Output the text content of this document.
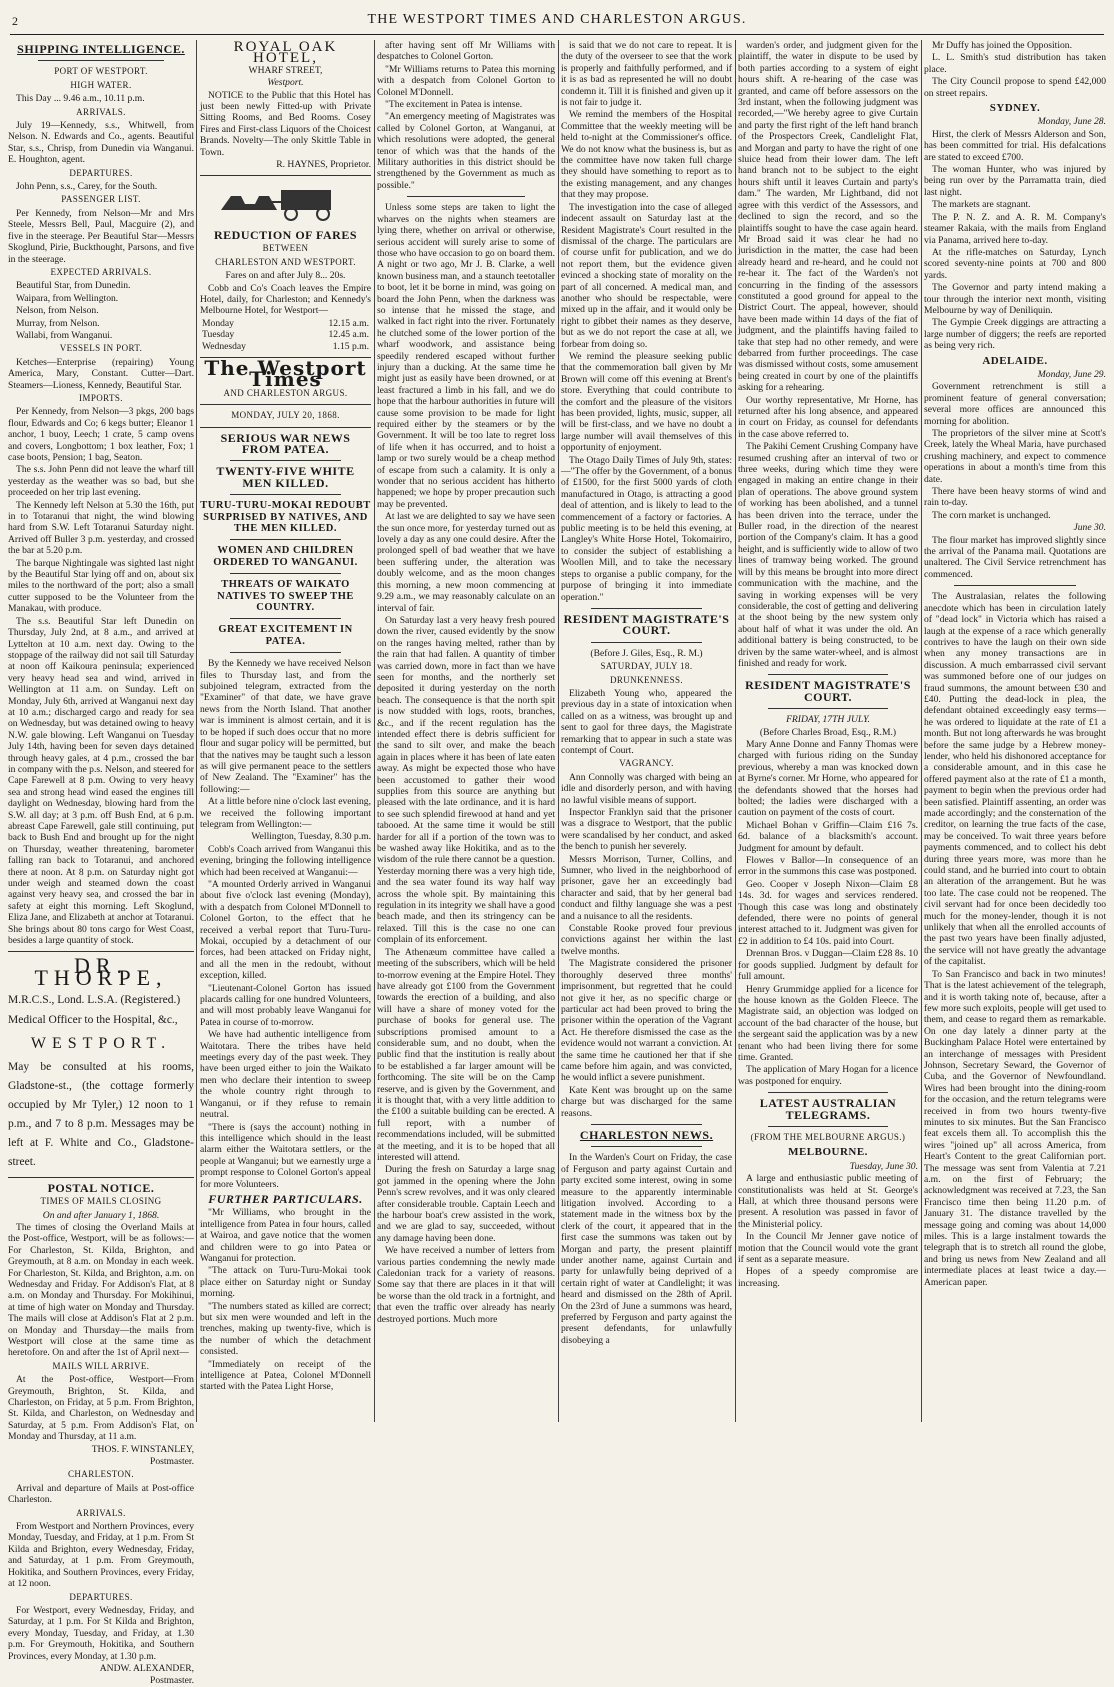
2	THE WESTPORT TIMES AND CHARLESTON ARGUS.
SHIPPING INTELLIGENCE.
PORT OF WESTPORT.
HIGH WATER.

This Day ... 9.46 a.m., 10.11 p.m.

ARRIVALS.

July 19—Kennedy, s.s., Whitwell, from Nelson. N. Edwards and Co., agents. Beautiful Star, s.s., Chrisp, from Dunedin via Wanganui. E. Houghton, agent.

DEPARTURES.

John Penn, s.s., Carey, for the South.

PASSENGER LIST.

Per Kennedy, from Nelson—Mr and Mrs Steele, Messrs Bell, Paul, Macguire (2), and five in the steerage. Per Beautiful Star—Messrs Skoglund, Pirie, Buckthought, Parsons, and five in the steerage.

EXPECTED ARRIVALS.

Beautiful Star, from Dunedin.

Waipara, from Wellington.

Nelson, from Nelson.

Murray, from Nelson.

Wallabi, from Wanganui.

VESSELS IN PORT.

Ketches—Enterprise (repairing) Young America, Mary, Constant. Cutter—Dart. Steamers—Lioness, Kennedy, Beautiful Star.

IMPORTS.

Per Kennedy, from Nelson—3 pkgs, 200 bags flour, Edwards and Co; 6 kegs butter; Eleanor 1 anchor, 1 buoy, Leech; 1 crate, 5 camp ovens and covers, Longbottom; 1 box leather, Fox; 1 case boots, Pension; 1 bag, Seaton.

The s.s. John Penn did not leave the wharf till yesterday as the weather was so bad, but she proceeded on her trip last evening.

The Kennedy left Nelson at 5.30 the 16th, put in to Totaranui that night, the wind blowing hard from S.W. Left Totaranui Saturday night. Arrived off Buller 3 p.m. yesterday, and crossed the bar at 5.20 p.m.

The barque Nightingale was sighted last night by the Beautiful Star lying off and on, about six miles to the northward of the port; also a small cutter supposed to be the Volunteer from the Manakau, with produce.

The s.s. Beautiful Star left Dunedin on Thursday, July 2nd, at 8 a.m., and arrived at Lyttelton at 10 a.m. next day. Owing to the stoppage of the railway did not sail till Saturday at noon off Kaikoura peninsula; experienced very heavy head sea and wind, arrived in Wellington at 11 a.m. on Sunday. Left on Monday, July 6th, arrived at Wanganui next day at 10 a.m.; discharged cargo and ready for sea on Wednesday, but was detained owing to heavy N.W. gale blowing. Left Wanganui on Tuesday July 14th, having been for seven days detained through heavy gales, at 4 p.m., crossed the bar in company with the p.s. Nelson, and steered for Cape Farewell at 8 p.m. Owing to very heavy sea and strong head wind eased the engines till daylight on Wednesday, blowing hard from the S.W. all day; at 3 p.m. off Bush End, at 6 p.m. abreast Cape Farewell, gale still continuing, put back to Bush End and brought up for the night on Thursday, weather threatening, barometer falling ran back to Totaranui, and anchored there at noon. At 8 p.m. on Saturday night got under weigh and steamed down the coast against very heavy sea, and crossed the bar in safety at eight this morning. Left Skoglund, Eliza Jane, and Elizabeth at anchor at Totaranui. She brings about 80 tons cargo for West Coast, besides a large quantity of stock.

DR. THORPE,

M.R.C.S., Lond. L.S.A. (Registered.)

Medical Officer to the Hospital, &c.,

WESTPORT.

May be consulted at his rooms, Gladstone-st., (the cottage formerly occupied by Mr Tyler,) 12 noon to 1 p.m., and 7 to 8 p.m. Messages may be left at F. White and Co., Gladstone-street.

POSTAL NOTICE.
TIMES OF MAILS CLOSING

On and after January 1, 1868.

The times of closing the Overland Mails at the Post-office, Westport, will be as follows:—For Charleston, St. Kilda, Brighton, and Greymouth, at 8 a.m. on Monday in each week. For Charleston, St. Kilda, and Brighton, a.m. on Wednesday and Friday. For Addison's Flat, at 8 a.m. on Monday and Thursday. For Mokihinui, at time of high water on Monday and Thursday. The mails will close at Addison's Flat at 2 p.m. on Monday and Thursday—the mails from Westport will close at the same time as heretofore. On and after the 1st of April next—

MAILS WILL ARRIVE.

At the Post-office, Westport—From Greymouth, Brighton, St. Kilda, and Charleston, on Friday, at 5 p.m. From Brighton, St. Kilda, and Charleston, on Wednesday and Saturday, at 5 p.m. From Addison's Flat, on Monday and Thursday, at 11 a.m.

THOS. F. WINSTANLEY,

Postmaster.

CHARLESTON.

Arrival and departure of Mails at Post-office Charleston.

ARRIVALS.

From Westport and Northern Provinces, every Monday, Tuesday, and Friday, at 1 p.m. From St Kilda and Brighton, every Wednesday, Friday, and Saturday, at 1 p.m. From Greymouth, Hokitika, and Southern Provinces, every Friday, at 12 noon.

DEPARTURES.

For Westport, every Wednesday, Friday, and Saturday, at 1 p.m. For St Kilda and Brighton, every Monday, Tuesday, and Friday, at 1.30 p.m. For Greymouth, Hokitika, and Southern Provinces, every Monday, at 1.30 p.m.

ANDW. ALEXANDER,

Postmaster.

ROYAL OAK HOTEL,

WHARF STREET,

Westport.

NOTICE to the Public that this Hotel has just been newly Fitted-up with Private Sitting Rooms, and Bed Rooms. Cosey Fires and First-class Liquors of the Choicest Brands. Novelty—The only Skittle Table in Town.

R. HAYNES, Proprietor.

REDUCTION OF FARES
BETWEEN
CHARLESTON AND WESTPORT.

Fares on and after July 8... 20s.

Cobb and Co's Coach leaves the Empire Hotel, daily, for Charleston; and Kennedy's Melbourne Hotel, for Westport—

Monday	12.15 a.m.
Tuesday	12.45 a.m.
Wednesday	1.15 p.m.
The Westport Times
AND CHARLESTON ARGUS.
MONDAY, JULY 20, 1868.
SERIOUS WAR NEWS FROM PATEA.
TWENTY-FIVE WHITE MEN KILLED.
TURU-TURU-MOKAI REDOUBT SURPRISED BY NATIVES, AND THE MEN KILLED.
WOMEN AND CHILDREN ORDERED TO WANGANUI.
THREATS OF WAIKATO NATIVES TO SWEEP THE COUNTRY.
GREAT EXCITEMENT IN PATEA.

By the Kennedy we have received Nelson files to Thursday last, and from the subjoined telegram, extracted from the "Examiner" of that date, we have grave news from the North Island. That another war is imminent is almost certain, and it is to be hoped if such does occur that no more flour and sugar policy will be permitted, but that the natives may be taught such a lesson as will give permanent peace to the settlers of New Zealand. The "Examiner" has the following:—

At a little before nine o'clock last evening, we received the following important telegram from Wellington:—

Wellington, Tuesday, 8.30 p.m.

Cobb's Coach arrived from Wanganui this evening, bringing the following intelligence which had been received at Wanganui:—

"A mounted Orderly arrived in Wanganui about five o'clock last evening (Monday), with a despatch from Colonel M'Donnell to Colonel Gorton, to the effect that he received a verbal report that Turu-Turu-Mokai, occupied by a detachment of our forces, had been attacked on Friday night, and all the men in the redoubt, without exception, killed.

"Lieutenant-Colonel Gorton has issued placards calling for one hundred Volunteers, and will most probably leave Wanganui for Patea in course of to-morrow.

We have had authentic intelligence from Waitotara. There the tribes have held meetings every day of the past week. They have been urged either to join the Waikato men who declare their intention to sweep the whole country right through to Wanganui, or if they refuse to remain neutral.

"There is (says the account) nothing in this intelligence which should in the least alarm either the Waitotara settlers, or the people at Wanganui; but we earnestly urge a prompt response to Colonel Gorton's appeal for more Volunteers.

FURTHER PARTICULARS.

"Mr Williams, who brought in the intelligence from Patea in four hours, called at Wairoa, and gave notice that the women and children were to go into Patea or Wanganui for protection.

"The attack on Turu-Turu-Mokai took place either on Saturday night or Sunday morning.

"The numbers stated as killed are correct; but six men were wounded and left in the trenches, making up twenty-five, which is the number of which the detachment consisted.

"Immediately on receipt of the intelligence at Patea, Colonel M'Donnell started with the Patea Light Horse,

after having sent off Mr Williams with despatches to Colonel Gorton.

"Mr Williams returns to Patea this morning with a despatch from Colonel Gorton to Colonel M'Donnell.

"The excitement in Patea is intense.

"An emergency meeting of Magistrates was called by Colonel Gorton, at Wanganui, at which resolutions were adopted, the general tenor of which was that the hands of the Military authorities in this district should be strengthened by the Government as much as possible."

Unless some steps are taken to light the wharves on the nights when steamers are lying there, whether on arrival or otherwise, serious accident will surely arise to some of those who have occasion to go on board them. A night or two ago, Mr J. B. Clarke, a well known business man, and a staunch teetotaller to boot, let it be borne in mind, was going on board the John Penn, when the darkness was so intense that he missed the stage, and walked in fact right into the river. Fortunately he clutched some of the lower portion of the wharf woodwork, and assistance being speedily rendered escaped without further injury than a ducking. At the same time he might just as easily have been drowned, or at least fractured a limb in his fall, and we do hope that the harbour authorities in future will cause some provision to be made for light required either by the steamers or by the Government. It will be too late to regret loss of life when it has occurred, and to hoist a lamp or two surely would be a cheap method of escape from such a calamity. It is only a wonder that no serious accident has hitherto happened; we hope by proper precaution such may be prevented.

At last we are delighted to say we have seen the sun once more, for yesterday turned out as lovely a day as any one could desire. After the prolonged spell of bad weather that we have been suffering under, the alteration was doubly welcome, and as the moon changes this morning, a new moon commencing at 9.29 a.m., we may reasonably calculate on an interval of fair.

On Saturday last a very heavy fresh poured down the river, caused evidently by the snow on the ranges having melted, rather than by the rain that had fallen. A quantity of timber was carried down, more in fact than we have seen for months, and the northerly set deposited it during yesterday on the north beach. The consequence is that the north spit is now studded with logs, roots, branches, &c., and if the recent regulation has the intended effect there is debris sufficient for the sand to silt over, and make the beach again in places where it has been of late eaten away. As might be expected those who have been accustomed to gather their wood supplies from this source are anything but pleased with the late ordinance, and it is hard to see such splendid firewood at hand and yet tabooed. At the same time it would be still harder for all if a portion of the town was to be washed away like Hokitika, and as to the wisdom of the rule there cannot be a question. Yesterday morning there was a very high tide, and the sea water found its way half way across the whole spit. By maintaining this regulation in its integrity we shall have a good beach made, and then its stringency can be relaxed. Till this is the case no one can complain of its enforcement.

The Athenæum committee have called a meeting of the subscribers, which will be held to-morrow evening at the Empire Hotel. They have already got £100 from the Government towards the erection of a building, and also will have a share of money voted for the purchase of books for general use. The subscriptions promised amount to a considerable sum, and no doubt, when the public find that the institution is really about to be established a far larger amount will be forthcoming. The site will be on the Camp reserve, and is given by the Government, and it is thought that, with a very little addition to the £100 a suitable building can be erected. A full report, with a number of recommendations included, will be submitted at the meeting, and it is to be hoped that all interested will attend.

During the fresh on Saturday a large snag got jammed in the opening where the John Penn's screw revolves, and it was only cleared after considerable trouble. Captain Leech and the harbour boat's crew assisted in the work, and we are glad to say, succeeded, without any damage having been done.

We have received a number of letters from various parties condemning the newly made Caledonian track for a variety of reasons. Some say that there are places in it that will be worse than the old track in a fortnight, and that even the traffic over already has nearly destroyed portions. Much more

is said that we do not care to repeat. It is the duty of the overseer to see that the work is properly and faithfully performed, and if it is as bad as represented he will no doubt condemn it. Till it is finished and given up it is not fair to judge it.

We remind the members of the Hospital Committee that the weekly meeting will be held to-night at the Commissioner's office. We do not know what the business is, but as the committee have now taken full charge they should have something to report as to the existing management, and any changes that they may propose.

The investigation into the case of alleged indecent assault on Saturday last at the Resident Magistrate's Court resulted in the dismissal of the charge. The particulars are of course unfit for publication, and we do not report them, but the evidence given evinced a shocking state of morality on the part of all concerned. A medical man, and another who should be respectable, were mixed up in the affair, and it would only be right to gibbet their names as they deserve, but as we do not report the case at all, we forbear from doing so.

We remind the pleasure seeking public that the commemoration ball given by Mr Brown will come off this evening at Brent's store. Everything that could contribute to the comfort and the pleasure of the visitors has been provided, lights, music, supper, all will be first-class, and we have no doubt a large number will avail themselves of this opportunity of enjoyment.

The Otago Daily Times of July 9th, states:—"The offer by the Government, of a bonus of £1500, for the first 5000 yards of cloth manufactured in Otago, is attracting a good deal of attention, and is likely to lead to the commencement of a factory or factories. A public meeting is to be held this evening, at Langley's White Horse Hotel, Tokomairiro, to consider the subject of establishing a Woollen Mill, and to take the necessary steps to organise a public company, for the purpose of bringing it into immediate operation."

RESIDENT MAGISTRATE'S COURT.

(Before J. Giles, Esq., R. M.)

SATURDAY, JULY 18.
DRUNKENNESS.

Elizabeth Young who, appeared the previous day in a state of intoxication when called on as a witness, was brought up and sent to gaol for three days, the Magistrate remarking that to appear in such a state was contempt of Court.

VAGRANCY.

Ann Connolly was charged with being an idle and disorderly person, and with having no lawful visible means of support.

Inspector Franklyn said that the prisoner was a disgrace to Westport, that the public were scandalised by her conduct, and asked the bench to punish her severely.

Messrs Morrison, Turner, Collins, and Sumner, who lived in the neighborhood of prisoner, gave her an exceedingly bad character and said, that by her general bad conduct and filthy language she was a pest and a nuisance to all the residents.

Constable Rooke proved four previous convictions against her within the last twelve months.

The Magistrate considered the prisoner thoroughly deserved three months' imprisonment, but regretted that he could not give it her, as no specific charge or particular act had been proved to bring the prisoner within the operation of the Vagrant Act. He therefore dismissed the case as the evidence would not warrant a conviction. At the same time he cautioned her that if she came before him again, and was convicted, he would inflict a severe punishment.

Kate Kent was brought up on the same charge but was discharged for the same reasons.

CHARLESTON NEWS.

In the Warden's Court on Friday, the case of Ferguson and party against Curtain and party excited some interest, owing in some measure to the apparently interminable litigation involved. According to a statement made in the witness box by the clerk of the court, it appeared that in the first case the summons was taken out by Morgan and party, the present plaintiff under another name, against Curtain and party for unlawfully being deprived of a certain right of water at Candlelight; it was heard and dismissed on the 28th of April. On the 23rd of June a summons was heard, preferred by Ferguson and party against the present defendants, for unlawfully disobeying a

warden's order, and judgment given for the plaintiff, the water in dispute to be used by both parties according to a system of eight hours shift. A re-hearing of the case was granted, and came off before assessors on the 3rd instant, when the following judgment was recorded,—"We hereby agree to give Curtain and party the first right of the left hand branch of the Prospectors Creek, Candlelight Flat, and Morgan and party to have the right of one sluice head from their lower dam. The left hand branch not to be subject to the eight hours shift until it leaves Curtain and party's dam." The warden, Mr Lightband, did not agree with this verdict of the Assessors, and declined to sign the record, and so the plaintiffs sought to have the case again heard. Mr Broad said it was clear he had no jurisdiction in the matter, the case had been already heard and re-heard, and he could not re-hear it. The fact of the Warden's not concurring in the finding of the assessors constituted a good ground for appeal to the District Court. The appeal, however, should have been made within 14 days of the fiat of judgment, and the plaintiffs having failed to take that step had no other remedy, and were debarred from further proceedings. The case was dismissed without costs, some amusement being created in court by one of the plaintiffs asking for a rehearing.

Our worthy representative, Mr Horne, has returned after his long absence, and appeared in court on Friday, as counsel for defendants in the case above referred to.

The Pakihi Cement Crushing Company have resumed crushing after an interval of two or three weeks, during which time they were engaged in making an entire change in their plan of operations. The above ground system of working has been abolished, and a tunnel has been driven into the terrace, under the Buller road, in the direction of the nearest portion of the Company's claim. It has a good height, and is sufficiently wide to allow of two lines of tramway being worked. The ground will by this means be brought into more direct communication with the machine, and the saving in working expenses will be very considerable, the cost of getting and delivering at the shoot being by the new system only about half of what it was under the old. An additional battery is being constructed, to be driven by the same water-wheel, and is almost finished and ready for work.

RESIDENT MAGISTRATE'S COURT.

FRIDAY, 17TH JULY.

(Before Charles Broad, Esq., R.M.)

Mary Anne Donne and Fanny Thomas were charged with furious riding on the Sunday previous, whereby a man was knocked down at Byrne's corner. Mr Horne, who appeared for the defendants showed that the horses had bolted; the ladies were discharged with a caution on payment of the costs of court.

Michael Bohan v Griffin—Claim £16 7s. 6d. balance of a blacksmith's account. Judgment for amount by default.

Flowes v Ballor—In consequence of an error in the summons this case was postponed.

Geo. Cooper v Joseph Nixon—Claim £8 14s. 3d. for wages and services rendered. Though this case was long and obstinately defended, there were no points of general interest attached to it. Judgment was given for £2 in addition to £4 10s. paid into Court.

Drennan Bros. v Duggan—Claim £28 8s. 10 for goods supplied. Judgment by default for full amount.

Henry Grummidge applied for a licence for the house known as the Golden Fleece. The Magistrate said, an objection was lodged on account of the bad character of the house, but the sergeant said the application was by a new tenant who had been living there for some time. Granted.

The application of Mary Hogan for a licence was postponed for enquiry.

LATEST AUSTRALIAN TELEGRAMS.
(FROM THE MELBOURNE ARGUS.)
MELBOURNE.

Tuesday, June 30.

A large and enthusiastic public meeting of constitutionalists was held at St. George's Hall, at which three thousand persons were present. A resolution was passed in favor of the Ministerial policy.

In the Council Mr Jenner gave notice of motion that the Council would vote the grant if sent as a separate measure.

Hopes of a speedy compromise are increasing.

Mr Duffy has joined the Opposition.

L. L. Smith's stud distribution has taken place.

The City Council propose to spend £42,000 on street repairs.

SYDNEY.

Monday, June 28.

Hirst, the clerk of Messrs Alderson and Son, has been committed for trial. His defalcations are stated to exceed £700.

The woman Hunter, who was injured by being run over by the Parramatta train, died last night.

The markets are stagnant.

The P. N. Z. and A. R. M. Company's steamer Rakaia, with the mails from England via Panama, arrived here to-day.

At the rifle-matches on Saturday, Lynch scored seventy-nine points at 700 and 800 yards.

The Governor and party intend making a tour through the interior next month, visiting Melbourne by way of Deniliquin.

The Gympie Creek diggings are attracting a large number of diggers; the reefs are reported as being very rich.

ADELAIDE.

Monday, June 29.

Government retrenchment is still a prominent feature of general conversation; several more offices are announced this morning for abolition.

The proprietors of the silver mine at Scott's Creek, lately the Wheal Maria, have purchased crushing machinery, and expect to commence operations in about a month's time from this date.

There have been heavy storms of wind and rain to-day.

The corn market is unchanged.

June 30.

The flour market has improved slightly since the arrival of the Panama mail. Quotations are unaltered. The Civil Service retrenchment has commenced.

The Australasian, relates the following anecdote which has been in circulation lately of "dead lock" in Victoria which has raised a laugh at the expense of a race which generally contrives to have the laugh on their own side when any money transactions are in discussion. A much embarrassed civil servant was summoned before one of our judges on fraud summons, the amount between £30 and £40. Putting the dead-lock in plea, the defendant obtained exceedingly easy terms—he was ordered to liquidate at the rate of £1 a month. But not long afterwards he was brought before the same judge by a Hebrew money-lender, who held his dishonored acceptance for a considerable amount, and in this case he offered payment also at the rate of £1 a month, payment to begin when the previous order had been satisfied. Plaintiff assenting, an order was made accordingly; and the consternation of the creditor, on learning the true facts of the case, may be conceived. To wait three years before payments commenced, and to collect his debt during three years more, was more than he could stand, and he burried into court to obtain an alteration of the arrangement. But he was too late. The case could not be reopened. The civil servant had for once been decidedly too much for the money-lender, though it is not unlikely that when all the enrolled accounts of the past two years have been finally adjusted, the service will not have greatly the advantage of the capitalist.

To San Francisco and back in two minutes! That is the latest achievement of the telegraph, and it is worth taking note of, because, after a few more such exploits, people will get used to them, and cease to regard them as remarkable. On one day lately a dinner party at the Buckingham Palace Hotel were entertained by an interchange of messages with President Johnson, Secretary Seward, the Governor of Cuba, and the Governor of Newfoundland. Wires had been brought into the dining-room for the occasion, and the return telegrams were received in from two hours twenty-five minutes to six minutes. But the San Francisco feat excels them all. To accomplish this the wires "joined up" all across America, from Heart's Content to the great Californian port. The message was sent from Valentia at 7.21 a.m. on the first of February; the acknowledgment was received at 7.23, the San Francisco time then being 11.20 p.m. of January 31. The distance travelled by the message going and coming was about 14,000 miles. This is a large instalment towards the telegraph that is to stretch all round the globe, and bring us news from New Zealand and all intermediate places at least twice a day.—American paper.
